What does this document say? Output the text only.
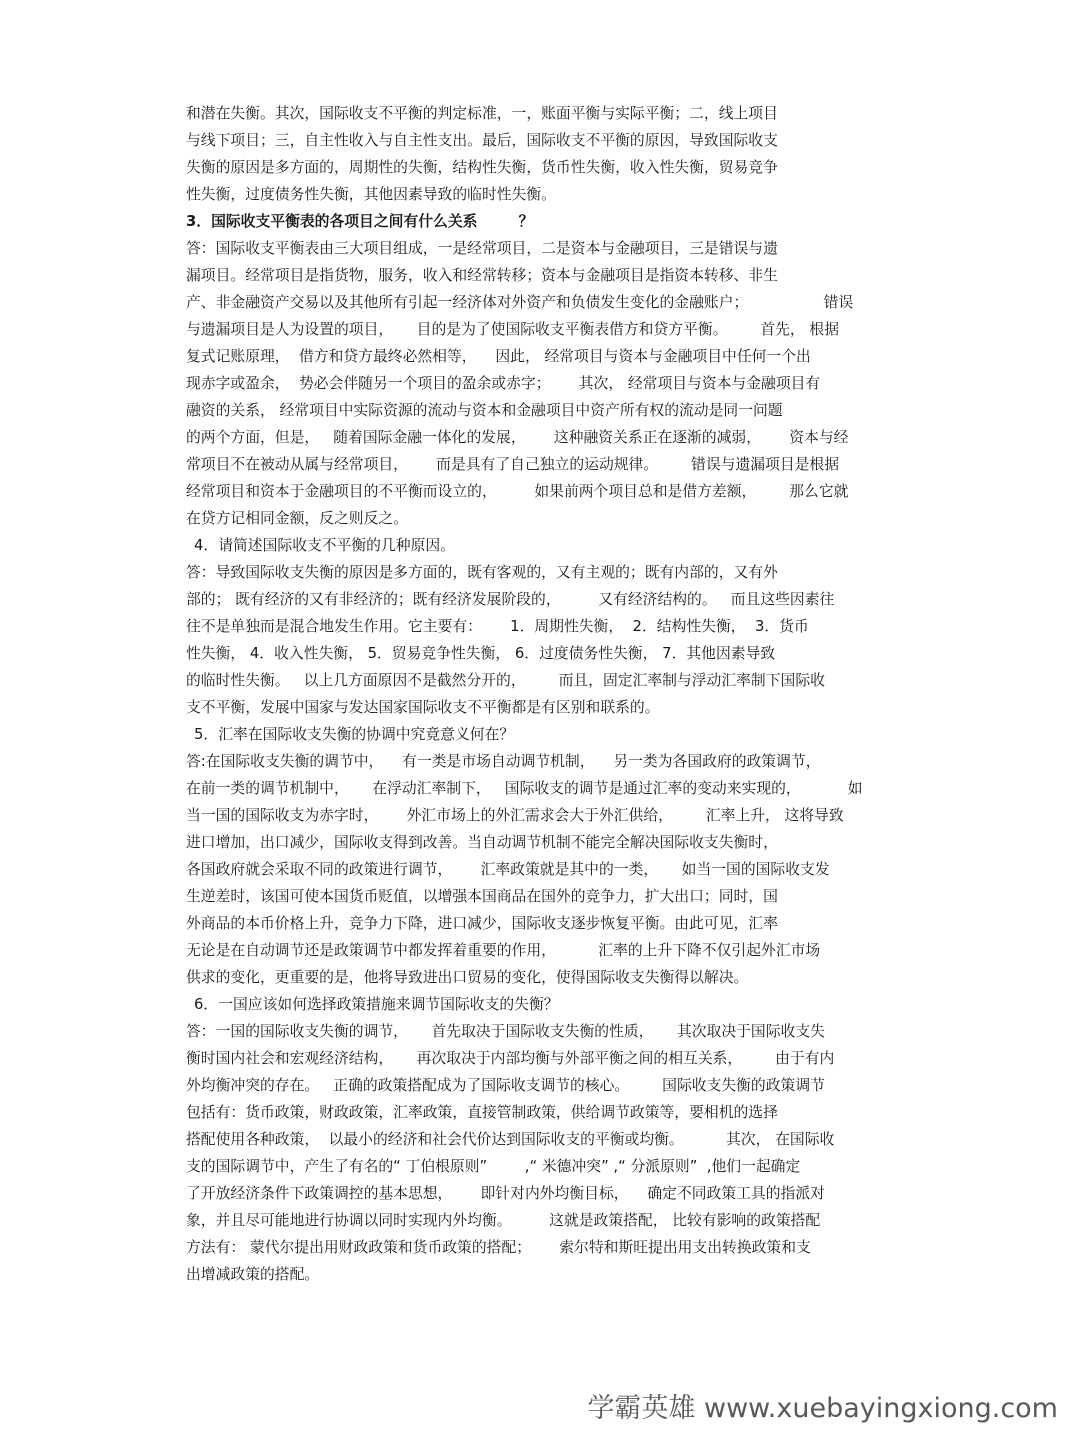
和潜在失衡。其次，国际收支不平衡的判定标准，一，账面平衡与实际平衡；二，线上项目
与线下项目；三，自主性收入与自主性支出。最后，国际收支不平衡的原因，导致国际收支
失衡的原因是多方面的，周期性的失衡，结构性失衡，货币性失衡，收入性失衡，贸易竞争
性失衡，过度债务性失衡，其他因素导致的临时性失衡。
3．国际收支平衡表的各项目之间有什么关系        ？
答：国际收支平衡表由三大项目组成，一是经常项目，二是资本与金融项目，三是错误与遗
漏项目。经常项目是指货物，服务，收入和经常转移；资本与金融项目是指资本转移、非生
产、非金融资产交易以及其他所有引起一经济体对外资产和负债发生变化的金融账户；                错误
与遗漏项目是人为设置的项目，     目的是为了使国际收支平衡表借方和贷方平衡。       首先， 根据
复式记账原理，  借方和贷方最终必然相等，    因此， 经常项目与资本与金融项目中任何一个出
现赤字或盈余，  势必会伴随另一个项目的盈余或赤字；      其次， 经常项目与资本与金融项目有
融资的关系， 经常项目中实际资源的流动与资本和金融项目中资产所有权的流动是同一问题
的两个方面，但是，   随着国际金融一体化的发展，      这种融资关系正在逐渐的减弱，      资本与经
常项目不在被动从属与经常项目，      而是具有了自己独立的运动规律。       错误与遗漏项目是根据
经常项目和资本于金融项目的不平衡而设立的，        如果前两个项目总和是借方差额，       那么它就
在贷方记相同金额，反之则反之。
4．请简述国际收支不平衡的几种原因。
答：导致国际收支失衡的原因是多方面的，既有客观的，又有主观的；既有内部的，又有外
部的； 既有经济的又有非经济的；既有经济发展阶段的，        又有经济结构的。   而且这些因素往
往不是单独而是混合地发生作用。它主要有：      1．周期性失衡，  2．结构性失衡，  3．货币
性失衡， 4．收入性失衡， 5．贸易竞争性失衡， 6．过度债务性失衡， 7．其他因素导致
的临时性失衡。   以上几方面原因不是截然分开的，       而且，固定汇率制与浮动汇率制下国际收
支不平衡，发展中国家与发达国家国际收支不平衡都是有区别和联系的。
5．汇率在国际收支失衡的协调中究竟意义何在？
答:在国际收支失衡的调节中，    有一类是市场自动调节机制，    另一类为各国政府的政策调节，
在前一类的调节机制中，     在浮动汇率制下，   国际收支的调节是通过汇率的变动来实现的，          如
当一国的国际收支为赤字时，      外汇市场上的外汇需求会大于外汇供给，       汇率上升， 这将导致
进口增加，出口减少，国际收支得到改善。当自动调节机制不能完全解决国际收支失衡时，
各国政府就会采取不同的政策进行调节，      汇率政策就是其中的一类，     如当一国的国际收支发
生逆差时，该国可使本国货币贬值，以增强本国商品在国外的竞争力，扩大出口；同时，国
外商品的本币价格上升，竞争力下降，进口减少，国际收支逐步恢复平衡。由此可见，汇率
无论是在自动调节还是政策调节中都发挥着重要的作用，         汇率的上升下降不仅引起外汇市场
供求的变化，更重要的是，他将导致进出口贸易的变化，使得国际收支失衡得以解决。
6．一国应该如何选择政策措施来调节国际收支的失衡？
答：一国的国际收支失衡的调节，     首先取决于国际收支失衡的性质，     其次取决于国际收支失
衡时国内社会和宏观经济结构，     再次取决于内部均衡与外部平衡之间的相互关系，       由于有内
外均衡冲突的存在。   正确的政策搭配成为了国际收支调节的核心。       国际收支失衡的政策调节
包括有：货币政策，财政政策，汇率政策，直接管制政策，供给调节政策等，要相机的选择
搭配使用各种政策，  以最小的经济和社会代价达到国际收支的平衡或均衡。         其次， 在国际收
支的国际调节中，产生了有名的“ 丁伯根原则”        ,“ 米德冲突” ,“ 分派原则”  ,他们一起确定
了开放经济条件下政策调控的基本思想，      即针对内外均衡目标，    确定不同政策工具的指派对
象，并且尽可能地进行协调以同时实现内外均衡。        这就是政策搭配， 比较有影响的政策搭配
方法有： 蒙代尔提出用财政政策和货币政策的搭配；      索尔特和斯旺提出用支出转换政策和支
出增减政策的搭配。
学霸英雄 www.xuebayingxiong.com
